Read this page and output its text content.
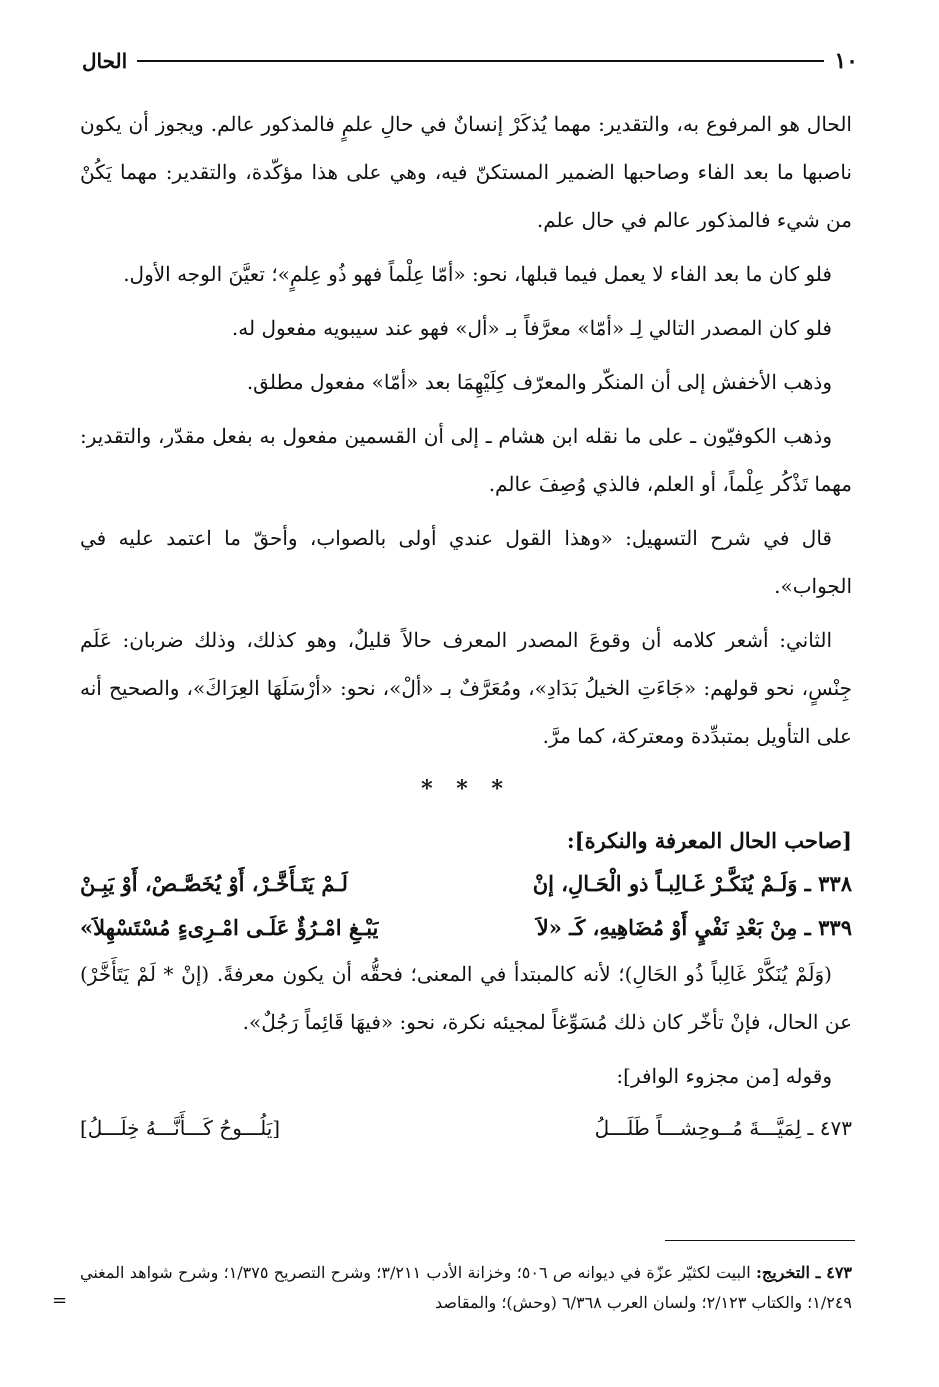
١٠
الحال

الحال هو المرفوع به، والتقدير: مهما يُذكَرْ إنسانٌ في حالِ علمٍ فالمذكور عالم. ويجوز أن يكون ناصبها ما بعد الفاء وصاحبها الضمير المستكنّ فيه، وهي على هذا مؤكّدة، والتقدير: مهما يَكُنْ من شيء فالمذكور عالم في حال علم.

فلو كان ما بعد الفاء لا يعمل فيما قبلها، نحو: «أمّا عِلْماً فهو ذُو عِلمٍ»؛ تعيَّنَ الوجه الأول.

فلو كان المصدر التالي لِـ «أمّا» معرَّفاً بـ «أل» فهو عند سيبويه مفعول له.

وذهب الأخفش إلى أن المنكّر والمعرّف كِلَيْهِمَا بعد «أمّا» مفعول مطلق.

وذهب الكوفيّون ـ على ما نقله ابن هشام ـ إلى أن القسمين مفعول به بفعل مقدّر، والتقدير: مهما تَذْكُر عِلْماً، أو العلم، فالذي وُصِفَ عالم.

قال في شرح التسهيل: «وهذا القول عندي أولى بالصواب، وأحقّ ما اعتمد عليه في الجواب».

الثاني: أشعر كلامه أن وقوعَ المصدر المعرف حالاً قليلٌ، وهو كذلك، وذلك ضربان: عَلَم جِنْسٍ، نحو قولهم: «جَاءَتِ الخيلُ بَدَادِ»، ومُعَرَّفٌ بـ «ألْ»، نحو: «أرْسَلَهَا العِرَاكَ»، والصحيح أنه على التأويل بمتبدِّدة ومعتركة، كما مرَّ.

* * *

[صاحب الحال المعرفة والنكرة]:

٣٣٨ ـ وَلَـمْ يُنَكَّـرْ غَـالِبـاً ذو الْحَـالِ، إنْ
لَـمْ يَتَـأَخَّـرْ، أَوْ يُخَصَّـصْ، أَوْ يَبِـنْ
٣٣٩ ـ مِنْ بَعْدِ نَفْيٍ أَوْ مُضَاهِيهِ، كَـ «لاَ
يَبْـغِ امْـرُؤٌ عَلَـى امْـرِىءٍ مُسْتَسْهِلاَ»

(وَلَمْ يُنَكَّرْ غَالِباً ذُو الحَالِ)؛ لأنه كالمبتدأ في المعنى؛ فحقُّه أن يكون معرفةً. (إنْ * لَمْ يَتَأَخَّرْ) عن الحال، فإنْ تأخّر كان ذلك مُسَوِّغاً لمجيئه نكرة، نحو: «فيهَا قَائِماً رَجُلٌ».

وقوله [من مجزوء الوافر]:

٤٧٣ ـ لِمَيَّـــةَ مُــوحِشـــاً طَلَـــلُ
[يَلُـــوحُ كَـــأَنَّـــهُ خِلَـــلُ]
٤٧٣ ـ التخريج: البيت لكثيّر عزّة في ديوانه ص ٥٠٦؛ وخزانة الأدب ٣/٢١١؛ وشرح التصريح ١/٣٧٥؛ وشرح شواهد المغني ١/٢٤٩؛ والكتاب ٢/١٢٣؛ ولسان العرب ٦/٣٦٨ (وحش)؛ والمقاصد
=
